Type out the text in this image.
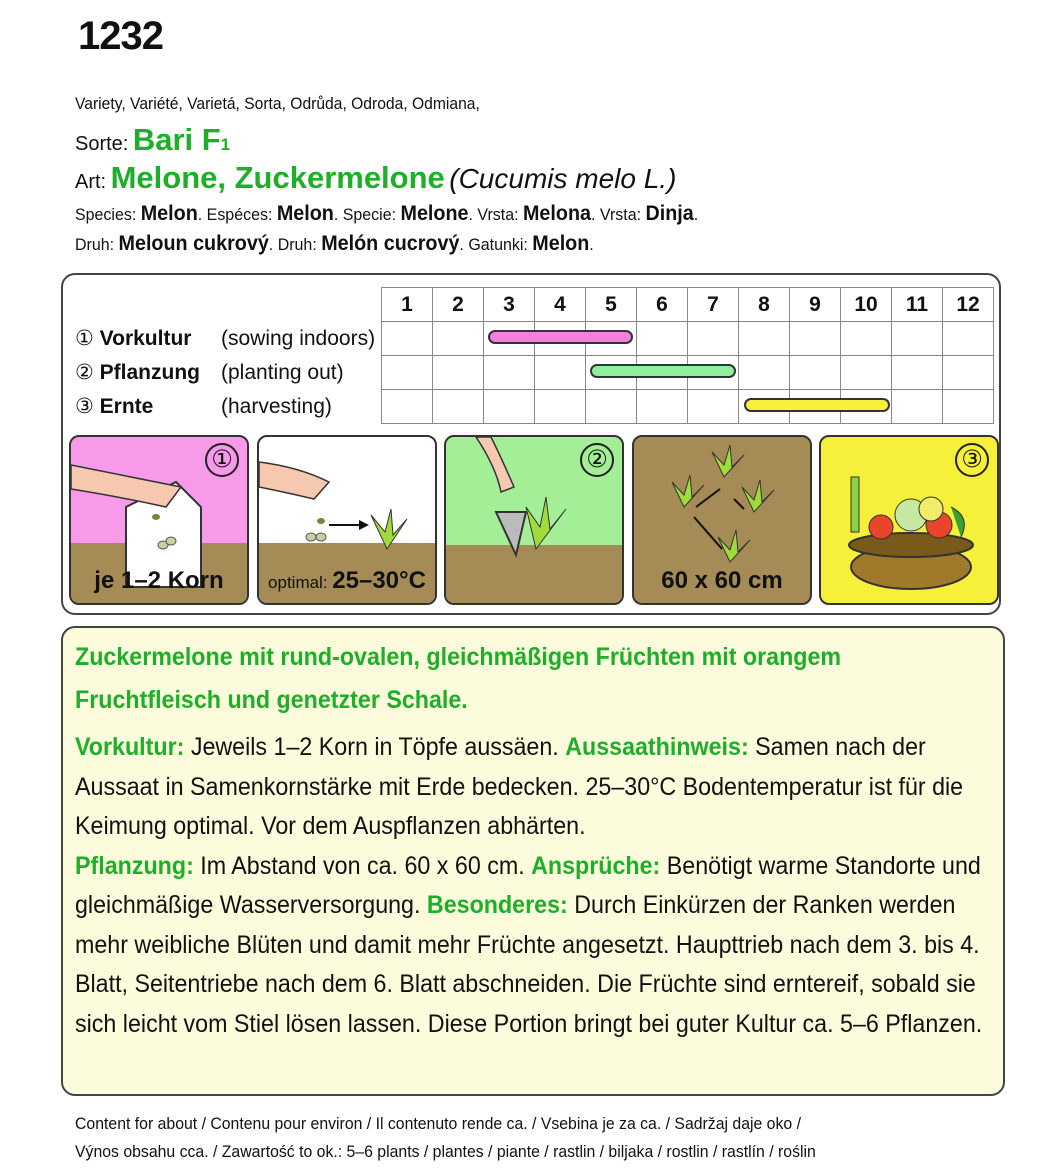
1232
Variety, Variété, Varietá, Sorta, Odrůda, Odroda, Odmiana,
Sorte: Bari F1
Art: Melone, Zuckermelone (Cucumis melo L.)
Species: Melon. Espéces: Melon. Specie: Melone. Vrsta: Melona. Vrsta: Dinja.
Druh: Meloun cukrový. Druh: Melón cucrový. Gatunki: Melon.
		1	2	3	4	5	6	7	8	9	10	11	12
① Vorkultur	(sowing indoors)												
② Pflanzung	(planting out)												
③ Ernte	(harvesting)												
①
je 1–2 Korn	optimal: 25–30°C
②
60 x 60 cm
③
Zuckermelone mit rund-ovalen, gleichmäßigen Früchten mit orangem Fruchtfleisch und genetzter Schale.
Vorkultur: Jeweils 1–2 Korn in Töpfe aussäen. Aussaathinweis: Samen nach der Aussaat in Samenkornstärke mit Erde bedecken. 25–30°C Bodentemperatur ist für die Keimung optimal. Vor dem Auspflanzen abhärten.
Pflanzung: Im Abstand von ca. 60 x 60 cm. Ansprüche: Benötigt warme Standorte und gleichmäßige Wasserversorgung. Besonderes: Durch Einkürzen der Ranken werden mehr weibliche Blüten und damit mehr Früchte angesetzt. Haupttrieb nach dem 3. bis 4. Blatt, Seitentriebe nach dem 6. Blatt abschneiden. Die Früchte sind erntereif, sobald sie sich leicht vom Stiel lösen lassen. Diese Portion bringt bei guter Kultur ca. 5–6 Pflanzen.
Content for about / Contenu pour environ / Il contenuto rende ca. / Vsebina je za ca. / Sadržaj daje oko /
Výnos obsahu cca. / Zawartość to ok.: 5–6 plants / plantes / piante / rastlin / biljaka / rostlin / rastlín / roślin
